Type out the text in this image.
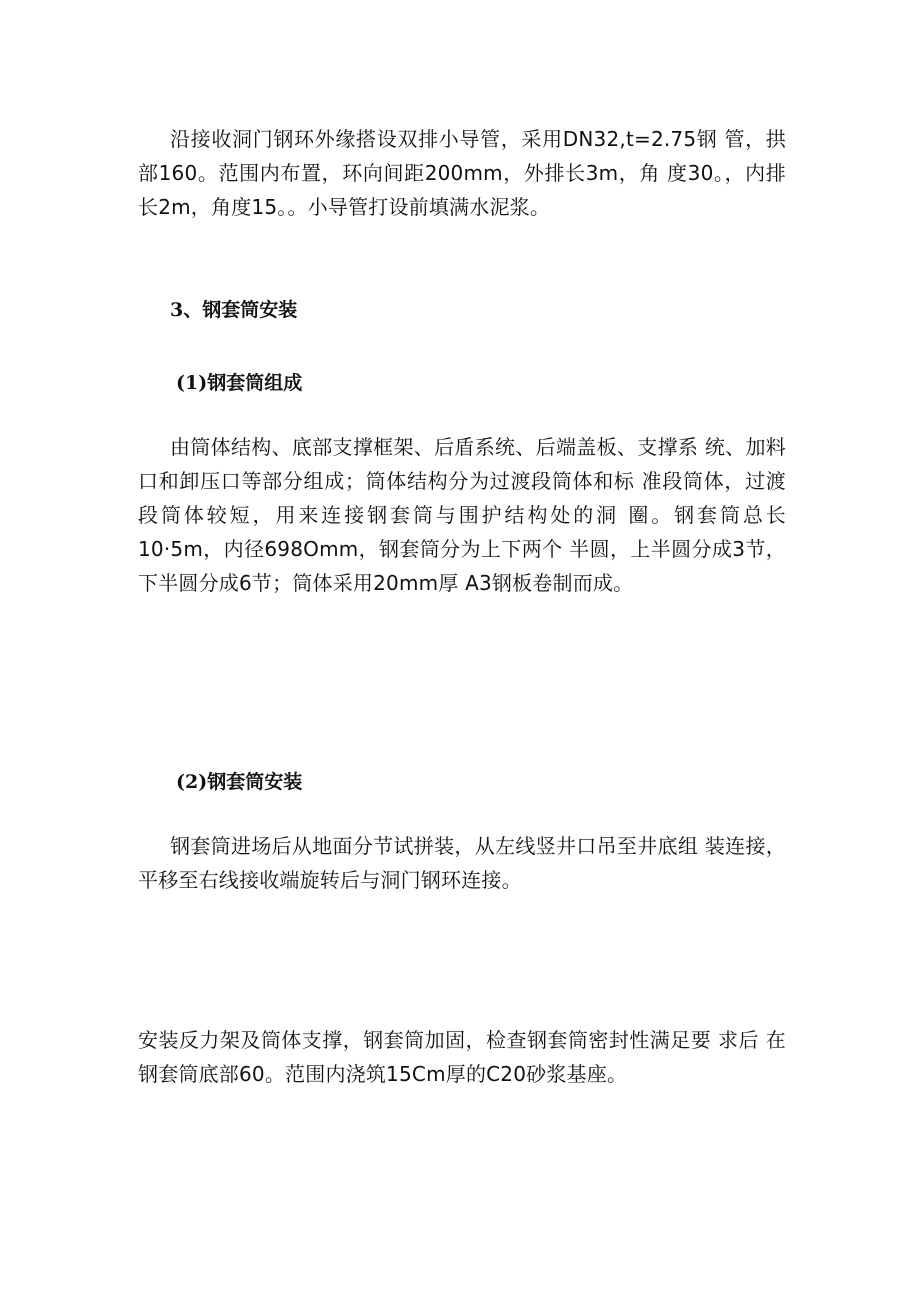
沿接收洞门钢环外缘搭设双排小导管，采用DN32,t=2.75钢 管，拱部160。范围内布置，环向间距200mm，外排长3m，角 度30。，内排长2m，角度15。。小导管打设前填满水泥浆。

3、钢套筒安装
(1)钢套筒组成

由筒体结构、底部支撑框架、后盾系统、后端盖板、支撑系 统、加料口和卸压口等部分组成；筒体结构分为过渡段筒体和标 准段筒体，过渡段筒体较短，用来连接钢套筒与围护结构处的洞 圈。钢套筒总长10·5m，内径698Omm，钢套筒分为上下两个 半圆，上半圆分成3节，下半圆分成6节；筒体采用20mm厚 A3钢板卷制而成。

(2)钢套筒安装

钢套筒进场后从地面分节试拼装，从左线竖井口吊至井底组 装连接，平移至右线接收端旋转后与洞门钢环连接。

安装反力架及筒体支撑，钢套筒加固，检查钢套筒密封性满足要 求后 在钢套筒底部60。范围内浇筑15Cm厚的C20砂浆基座。
